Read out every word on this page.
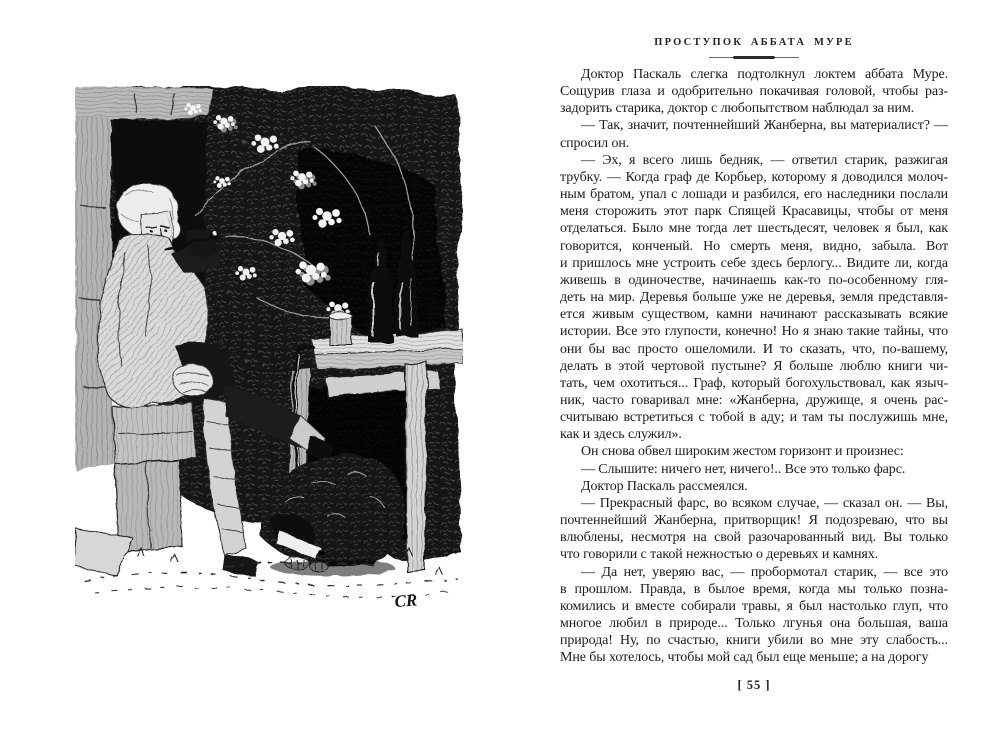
CR
ПРОСТУПОК АББАТА МУРЕ
Доктор Паскаль слегка подтолкнул локтем аббата Муре.
Сощурив глаза и одобрительно покачивая головой, чтобы раз-
задорить старика, доктор с любопытством наблюдал за ним.
— Так, значит, почтеннейший Жанберна, вы материалист? —
спросил он.
— Эх, я всего лишь бедняк, — ответил старик, разжигая
трубку. — Когда граф де Корбьер, которому я доводился молоч-
ным братом, упал с лошади и разбился, его наследники послали
меня сторожить этот парк Спящей Красавицы, чтобы от меня
отделаться. Было мне тогда лет шестьдесят, человек я был, как
говорится, конченый. Но смерть меня, видно, забыла. Вот
и пришлось мне устроить себе здесь берлогу... Видите ли, когда
живешь в одиночестве, начинаешь как-то по-особенному гля-
деть на мир. Деревья больше уже не деревья, земля представля-
ется живым существом, камни начинают рассказывать всякие
истории. Все это глупости, конечно! Но я знаю такие тайны, что
они бы вас просто ошеломили. И то сказать, что, по-вашему,
делать в этой чертовой пустыне? Я больше люблю книги чи-
тать, чем охотиться... Граф, который богохульствовал, как языч-
ник, часто говаривал мне: «Жанберна, дружище, я очень рас-
считываю встретиться с тобой в аду; и там ты послужишь мне,
как и здесь служил».
Он снова обвел широким жестом горизонт и произнес:
— Слышите: ничего нет, ничего!.. Все это только фарс.
Доктор Паскаль рассмеялся.
— Прекрасный фарс, во всяком случае, — сказал он. — Вы,
почтеннейший Жанберна, притворщик! Я подозреваю, что вы
влюблены, несмотря на свой разочарованный вид. Вы только
что говорили с такой нежностью о деревьях и камнях.
— Да нет, уверяю вас, — пробормотал старик, — все это
в прошлом. Правда, в былое время, когда мы только позна-
комились и вместе собирали травы, я был настолько глуп, что
многое любил в природе... Только лгунья она большая, ваша
природа! Ну, по счастью, книги убили во мне эту слабость...
Мне бы хотелось, чтобы мой сад был еще меньше; а на дорогу
[ 55 ]
